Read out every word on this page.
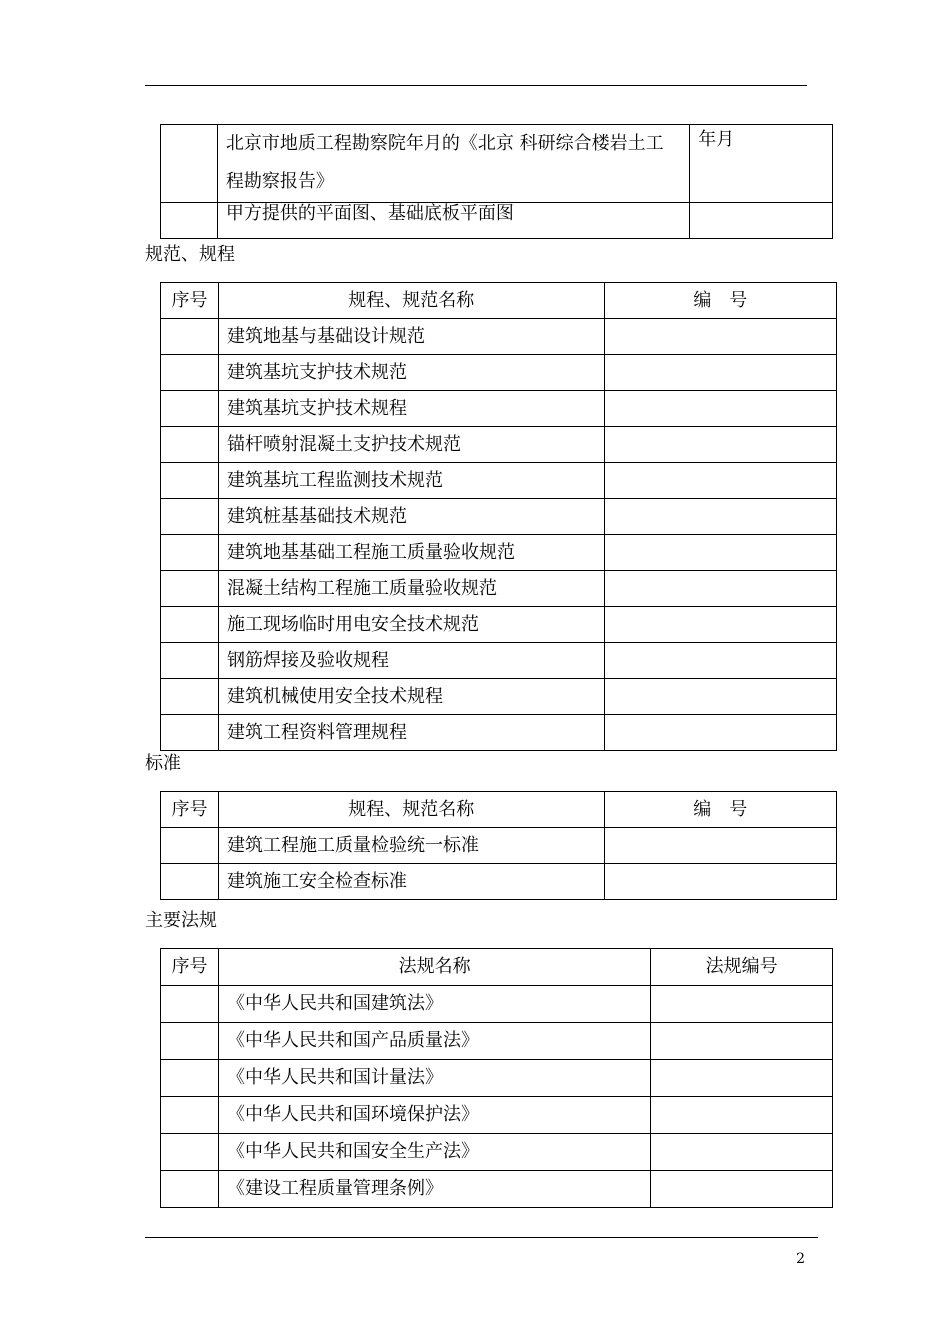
	北京市地质工程勘察院年月的《北京 科研综合楼岩土工程勘察报告》	年月
	甲方提供的平面图、基础底板平面图	
规范、规程
序号	规程、规范名称	编　号
	建筑地基与基础设计规范	
	建筑基坑支护技术规范	
	建筑基坑支护技术规程	
	锚杆喷射混凝土支护技术规范	
	建筑基坑工程监测技术规范	
	建筑桩基基础技术规范	
	建筑地基基础工程施工质量验收规范	
	混凝土结构工程施工质量验收规范	
	施工现场临时用电安全技术规范	
	钢筋焊接及验收规程	
	建筑机械使用安全技术规程	
	建筑工程资料管理规程	
标准
序号	规程、规范名称	编　号
	建筑工程施工质量检验统一标准	
	建筑施工安全检查标准	
主要法规
序号	法规名称	法规编号
	《中华人民共和国建筑法》	
	《中华人民共和国产品质量法》	
	《中华人民共和国计量法》	
	《中华人民共和国环境保护法》	
	《中华人民共和国安全生产法》	
	《建设工程质量管理条例》	
2
